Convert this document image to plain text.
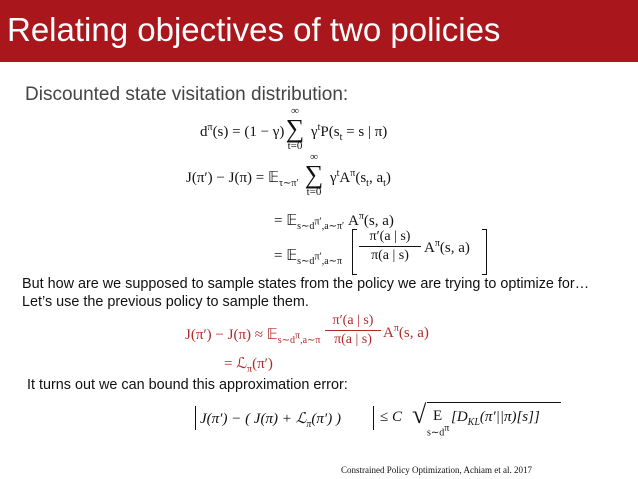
Relating objectives of two policies
Discounted state visitation distribution:
$d^\pi(s) = (1 - \gamma)$
∞
∑
t=0
$\gamma^tP(s_t = s$ | π)
J(π′) − J(π) = 𝔼$_{\tau\sim\pi'}$
∞
∑
t=0
$\gamma^tA^\pi(s_t$, $a_t$)
= 𝔼$_{s\sim d^{\pi'},a\sim\pi'}$ $A^\pi(s$, a)
= 𝔼$_{s\sim d^{\pi'},a\sim\pi}$ $\frac{\pi'(a | s)}{\pi(a | s)} A^\pi(s$, a)
But how are we supposed to sample states from the policy we are trying to optimize for…
Let’s use the previous policy to sample them.
J(π′) − J(π) ≈ 𝔼$_{s\sim d^\pi,a\sim\pi}$ $\frac{\pi'(a | s)}{\pi(a | s)} A^\pi(s$, a)
= ℒ$_\pi$(π′)
It turns out we can bound this approximation error:
J(π′) − ( J(π) + ℒ$_\pi$(π′) )	≤ C √ E
$s\sim d^\pi$
$[D_{KL}(\pi'||\pi)[s]]$
Constrained Policy Optimization, Achiam et al. 2017
